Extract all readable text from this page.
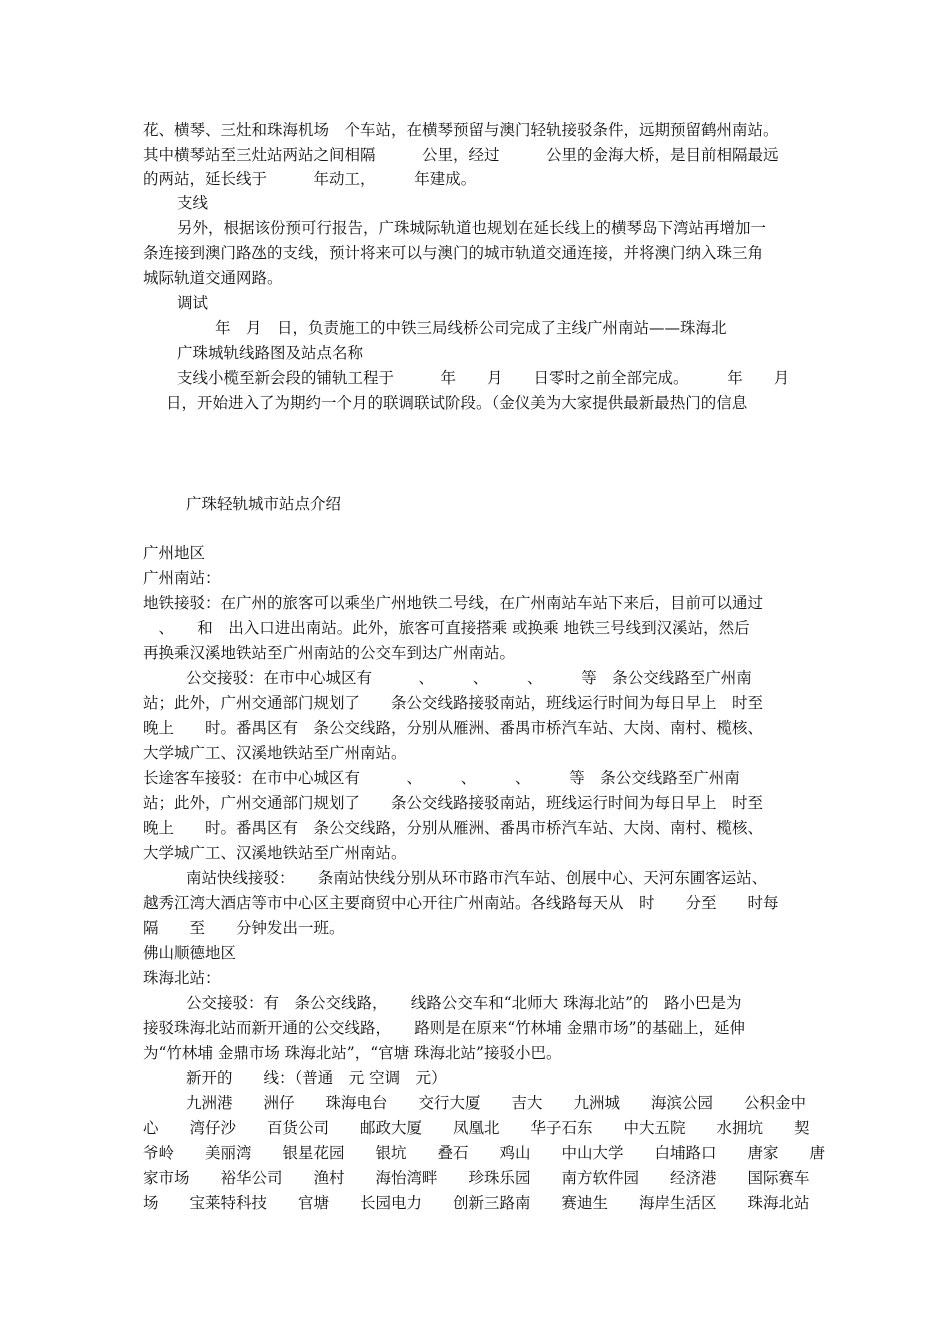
花、横琴、三灶和珠海机场　个车站，在横琴预留与澳门轻轨接驳条件，远期预留鹤州南站。
其中横琴站至三灶站两站之间相隔　　　公里，经过　　　公里的金海大桥，是目前相隔最远
的两站，延长线于　　　年动工，　　　年建成。
支线
另外，根据该份预可行报告，广珠城际轨道也规划在延长线上的横琴岛下湾站再增加一
条连接到澳门路氹的支线，预计将来可以与澳门的城市轨道交通连接，并将澳门纳入珠三角
城际轨道交通网路。
调试
年　月　日，负责施工的中铁三局线桥公司完成了主线广州南站——珠海北
广珠城轨线路图及站点名称
支线小榄至新会段的铺轨工程于　　　年　　月　　日零时之前全部完成。　　　年　　月
日，开始进入了为期约一个月的联调联试阶段。（金仪美为大家提供最新最热门的信息
广珠轻轨城市站点介绍
广州地区
广州南站：
地铁接驳：在广州的旅客可以乘坐广州地铁二号线，在广州南站车站下来后，目前可以通过
　、　　和　出入口进出南站。此外，旅客可直接搭乘 或换乘 地铁三号线到汉溪站，然后
再换乘汉溪地铁站至广州南站的公交车到达广州南站。
公交接驳：在市中心城区有　　　、　　　、　　　、　　　等　条公交线路至广州南
站；此外，广州交通部门规划了　　条公交线路接驳南站，班线运行时间为每日早上　时至
晚上　　时。番禺区有　条公交线路，分别从雁洲、番禺市桥汽车站、大岗、南村、榄核、
大学城广工、汉溪地铁站至广州南站。
长途客车接驳：在市中心城区有　　　、　　　、　　　、　　　等　条公交线路至广州南
站；此外，广州交通部门规划了　　条公交线路接驳南站，班线运行时间为每日早上　时至
晚上　　时。番禺区有　条公交线路，分别从雁洲、番禺市桥汽车站、大岗、南村、榄核、
大学城广工、汉溪地铁站至广州南站。
南站快线接驳：　　条南站快线分别从环市路市汽车站、创展中心、天河东圃客运站、
越秀江湾大酒店等市中心区主要商贸中心开往广州南站。各线路每天从　时　　分至　　时每
隔　　至　　分钟发出一班。
佛山顺德地区
珠海北站：
公交接驳：有　条公交线路，　　线路公交车和“北师大 珠海北站”的　路小巴是为
接驳珠海北站而新开通的公交线路，　　路则是在原来“竹林埔 金鼎市场”的基础上，延伸
为“竹林埔 金鼎市场 珠海北站”，“官塘 珠海北站”接驳小巴。
新开的　　线：（普通　元 空调　元）
九洲港　　洲仔　　珠海电台　　交行大厦　　吉大　　九洲城　　海滨公园　　公积金中
心　　湾仔沙　　百货公司　　邮政大厦　　凤凰北　　华子石东　　中大五院　　水拥坑　　契
爷岭　　美丽湾　　银星花园　　银坑　　叠石　　鸡山　　中山大学　　白埔路口　　唐家　　唐
家市场　　裕华公司　　渔村　　海怡湾畔　　珍珠乐园　　南方软件园　　经济港　　国际赛车
场　　宝莱特科技　　官塘　　长园电力　　创新三路南　　赛迪生　　海岸生活区　　珠海北站
